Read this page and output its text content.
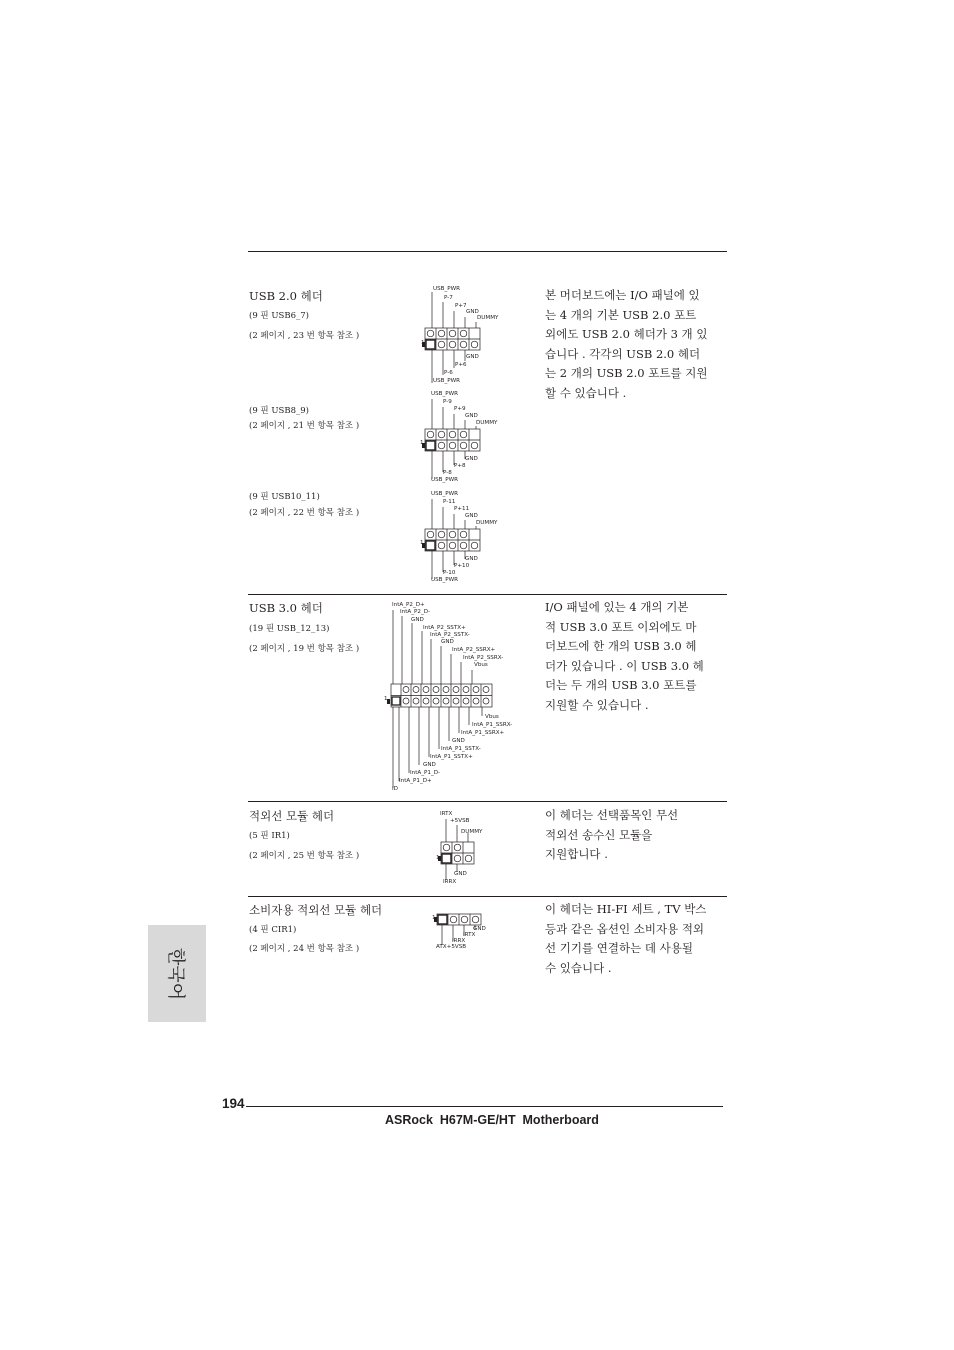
USB 2.0 헤더
(9 핀 USB6_7)
(2 페이지 , 23 번 항목 참조 )
(9 핀 USB8_9)
(2 페이지 , 21 번 항목 참조 )
(9 핀 USB10_11)
(2 페이지 , 22 번 항목 참조 )
본 머더보드에는 I/O 패널에 있
는 4 개의 기본 USB 2.0 포트
외에도 USB 2.0 헤더가 3 개 있
습니다 . 각각의 USB 2.0 헤더
는 2 개의 USB 2.0 포트를 지원
할 수 있습니다 .
USB_PWR
P-7
P+7
GND
DUMMY
GND
P+6
P-6
USB_PWR
1
USB_PWR
P-9
P+9
GND
DUMMY
GND
P+8
P-8
USB_PWR
1
USB_PWR
P-11
P+11
GND
DUMMY
GND
P+10
P-10
USB_PWR
1
USB 3.0 헤더
(19 핀 USB_12_13)
(2 페이지 , 19 번 항목 참조 )
I/O 패널에 있는 4 개의 기본
적 USB 3.0 포트 이외에도 마
더보드에 한 개의 USB 3.0 헤
더가 있습니다 . 이 USB 3.0 헤
더는 두 개의 USB 3.0 포트를
지원할 수 있습니다 .
IntA_P2_D+
IntA_P2_D-
GND
IntA_P2_SSTX+
IntA_P2_SSTX-
GND
IntA_P2_SSRX+
IntA_P2_SSRX-
Vbus
Vbus
IntA_P1_SSRX-
IntA_P1_SSRX+
GND
IntA_P1_SSTX-
IntA_P1_SSTX+
GND
IntA_P1_D-
IntA_P1_D+
ID
1
적외선 모듈 헤더
(5 핀 IR1)
(2 페이지 , 25 번 항목 참조 )
이 헤더는 선택품목인 무선
적외선 송수신 모듈을
지원합니다 .
IRTX
+5VSB
DUMMY
GND
IRRX
1
소비자용 적외선 모듈 헤더
(4 핀 CIR1)
(2 페이지 , 24 번 항목 참조 )
이 헤더는 HI-FI 세트 , TV 박스
등과 같은 옵션인 소비자용 적외
선 기기를 연결하는 데 사용될
수 있습니다 .
GND
IRTX
IRRX
ATX+5VSB
1
한국어
194
ASRock  H67M-GE/HT  Motherboard
